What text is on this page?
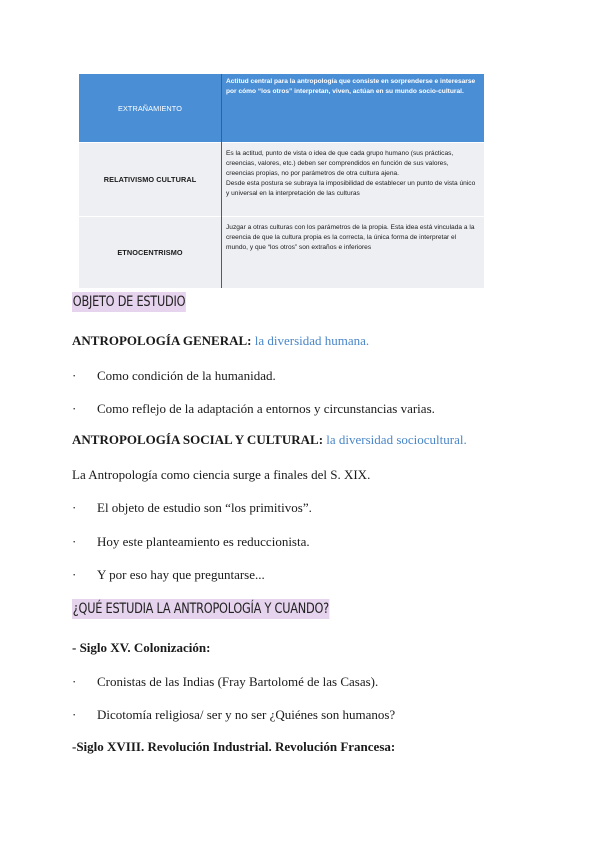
EXTRAÑAMIENTO	Actitud central para la antropología que consiste en sorprenderse e interesarse por cómo “los otros” interpretan, viven, actúan en su mundo socio-cultural.
RELATIVISMO CULTURAL	Es la actitud, punto de vista o idea de que cada grupo humano (sus prácticas, creencias, valores, etc.) deben ser comprendidos en función de sus valores, creencias propias, no por parámetros de otra cultura ajena.
Desde esta postura se subraya la imposibilidad de establecer un punto de vista único y universal en la interpretación de las culturas

ETNOCENTRISMO	Juzgar a otras culturas con los parámetros de la propia. Esta idea está vinculada a la creencia de que la cultura propia es la correcta, la única forma de interpretar el mundo, y que “los otros” son extraños e inferiores
OBJETO DE ESTUDIO
ANTROPOLOGÍA GENERAL: la diversidad humana.
· Como condición de la humanidad.
· Como reflejo de la adaptación a entornos y circunstancias varias.
ANTROPOLOGÍA SOCIAL Y CULTURAL: la diversidad sociocultural.
La Antropología como ciencia surge a finales del S. XIX.
· El objeto de estudio son “los primitivos”.
· Hoy este planteamiento es reduccionista.
· Y por eso hay que preguntarse...
¿QUÉ ESTUDIA LA ANTROPOLOGÍA Y CUANDO?
- Siglo XV. Colonización:
· Cronistas de las Indias (Fray Bartolomé de las Casas).
· Dicotomía religiosa/ ser y no ser ¿Quiénes son humanos?
-Siglo XVIII. Revolución Industrial. Revolución Francesa:
